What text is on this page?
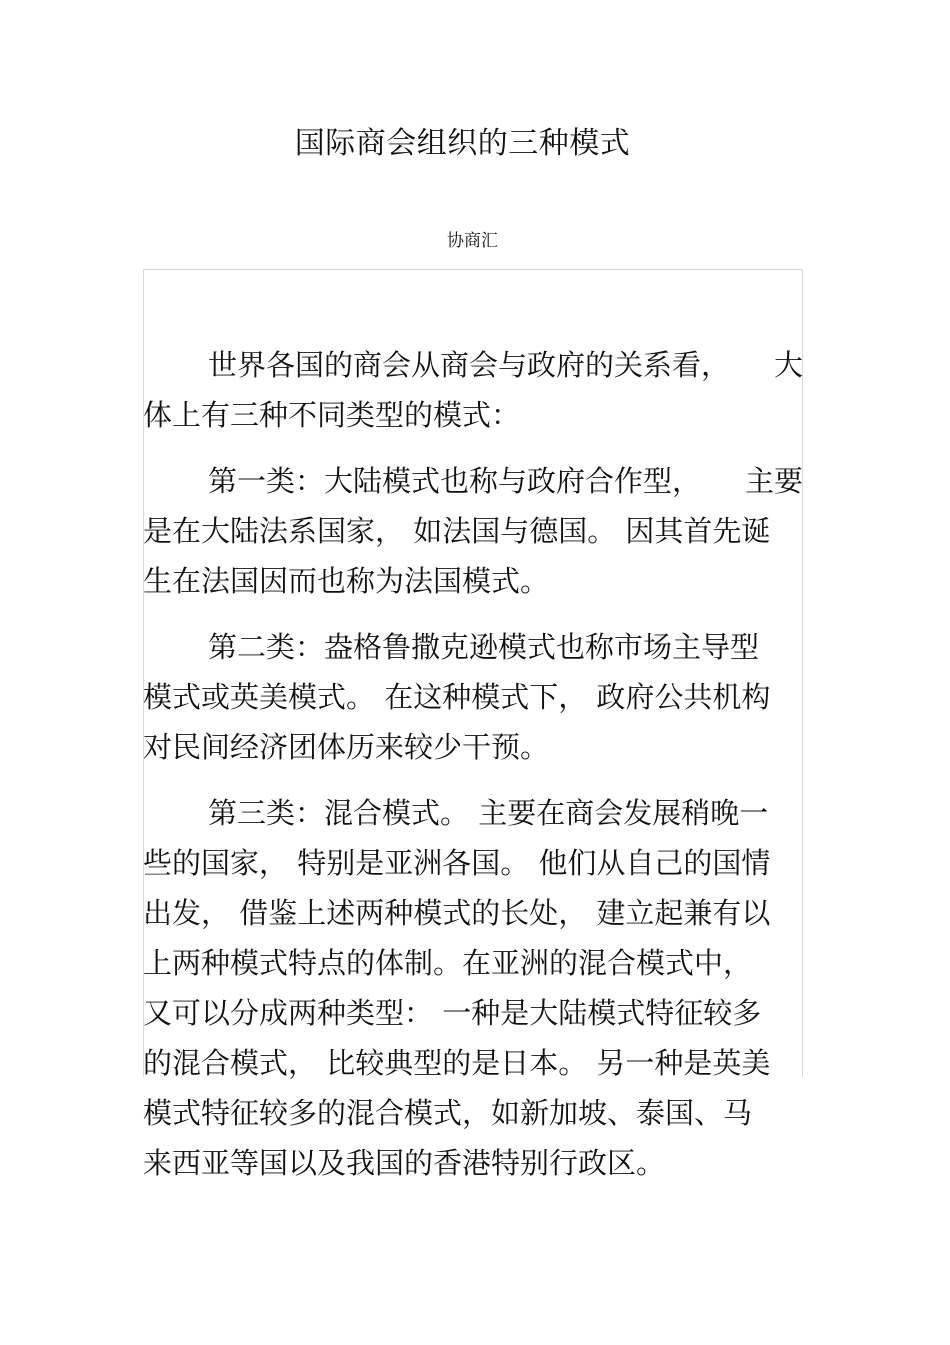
国际商会组织的三种模式
协商汇
世界各国的商会从商会与政府的关系看， 大
体上有三种不同类型的模式：
第一类：大陆模式也称与政府合作型， 主要
是在大陆法系国家， 如法国与德国。 因其首先诞
生在法国因而也称为法国模式。
第二类：盎格鲁撒克逊模式也称市场主导型
模式或英美模式。 在这种模式下， 政府公共机构
对民间经济团体历来较少干预。
第三类：混合模式。 主要在商会发展稍晚一
些的国家， 特别是亚洲各国。 他们从自己的国情
出发， 借鉴上述两种模式的长处， 建立起兼有以
上两种模式特点的体制。在亚洲的混合模式中，
又可以分成两种类型： 一种是大陆模式特征较多
的混合模式， 比较典型的是日本。 另一种是英美
模式特征较多的混合模式，如新加坡、泰国、马
来西亚等国以及我国的香港特别行政区。
